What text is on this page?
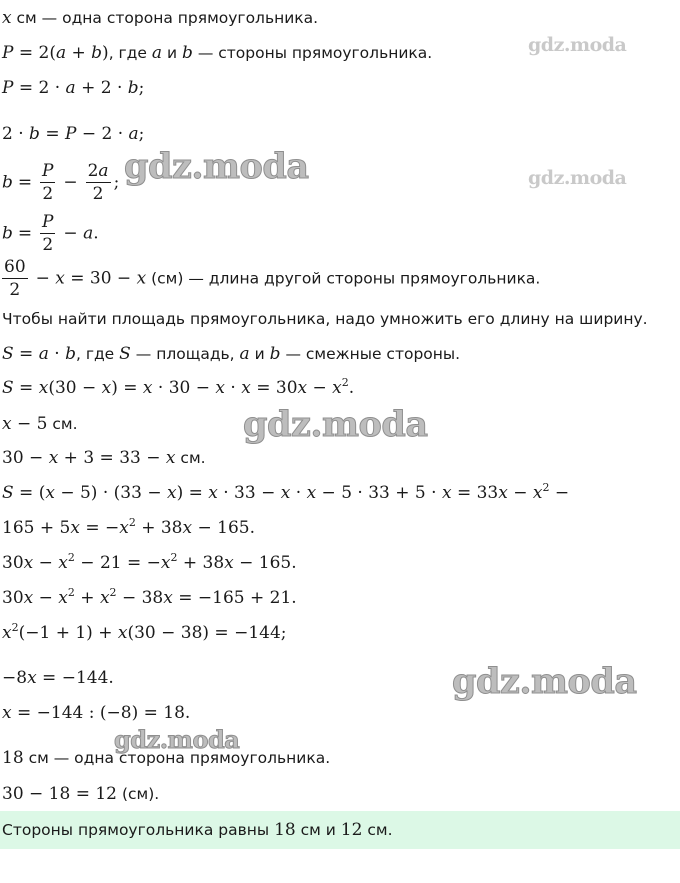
gdz.moda
gdz.moda
gdz.moda
gdz.moda
gdz.moda
gdz.moda
x см — одна сторона прямоугольника.
P = 2(a + b), где a и b — стороны прямоугольника.
P = 2 · a + 2 · b;
2 · b = P − 2 · a;
$b = \frac{P}{2} - \frac{2a}{2}$ ;
$b = \frac{P}{2} - a$.
$\frac{60}{2} - x = 30 - x$ (см) — длина другой стороны прямоугольника.
Чтобы найти площадь прямоугольника, надо умножить его длину на ширину.
S = a · b, где S — площадь, a и b — смежные стороны.
$S = x(30 - x) = x \cdot 30 - x \cdot x = 30x - x^2$.
x − 5 см.
30 − x + 3 = 33 − x см.
$S = (x - 5) \cdot (33 - x) = x \cdot 33 - x \cdot x - 5 \cdot 33 + 5 \cdot x = 33x - x^2$ −
$165 + 5x = -x^2 + 38x - 165$.
$30x - x^2 - 21 = -x^2 + 38x - 165$.
$30x - x^2 + x^2 - 38x = -165 + 21$.
$x^2(-1 + 1) + x(30 - 38) = -144$;
−8x = −144.
x = −144 : (−8) = 18.
18 см — одна сторона прямоугольника.
30 − 18 = 12 (см).
Стороны прямоугольника равны 18 см и 12 см.
